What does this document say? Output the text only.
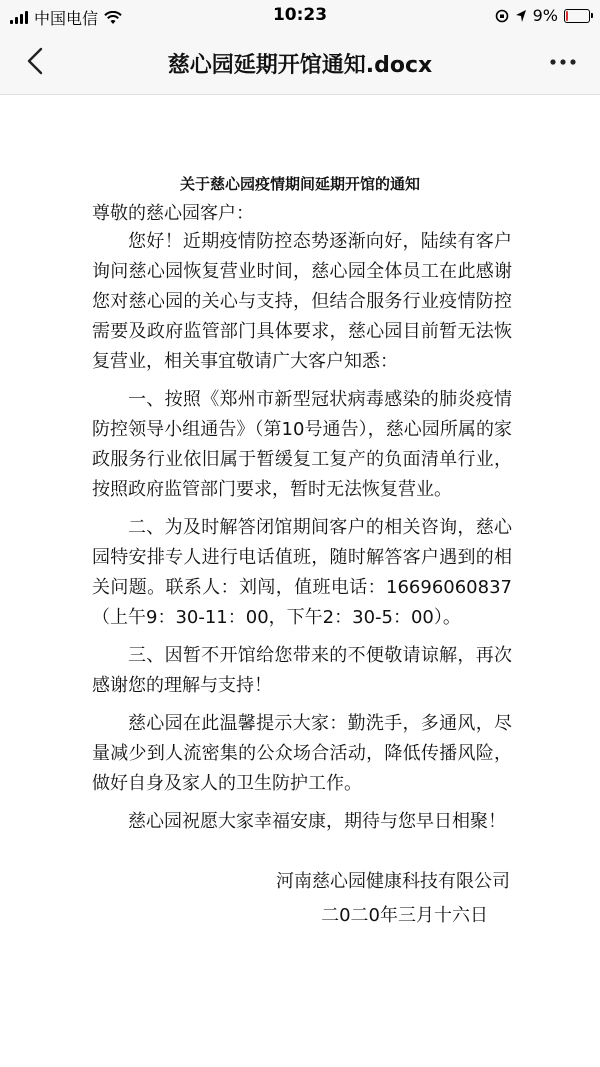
中国电信	10:23	9%
慈心园延期开馆通知.docx
关于慈心园疫情期间延期开馆的通知
尊敬的慈心园客户：

您好！近期疫情防控态势逐渐向好，陆续有客户询问慈心园恢复营业时间，慈心园全体员工在此感谢您对慈心园的关心与支持，但结合服务行业疫情防控需要及政府监管部门具体要求，慈心园目前暂无法恢复营业，相关事宜敬请广大客户知悉：

一、按照《郑州市新型冠状病毒感染的肺炎疫情防控领导小组通告》（第10号通告），慈心园所属的家政服务行业依旧属于暂缓复工复产的负面清单行业，按照政府监管部门要求，暂时无法恢复营业。

二、为及时解答闭馆期间客户的相关咨询，慈心园特安排专人进行电话值班，随时解答客户遇到的相关问题。联系人：刘闯，值班电话：16696060837（上午9：30-11：00，下午2：30-5：00）。

三、因暂不开馆给您带来的不便敬请谅解，再次感谢您的理解与支持！

慈心园在此温馨提示大家：勤洗手，多通风，尽量减少到人流密集的公众场合活动，降低传播风险，做好自身及家人的卫生防护工作。

慈心园祝愿大家幸福安康，期待与您早日相聚！

河南慈心园健康科技有限公司
二0二0年三月十六日
